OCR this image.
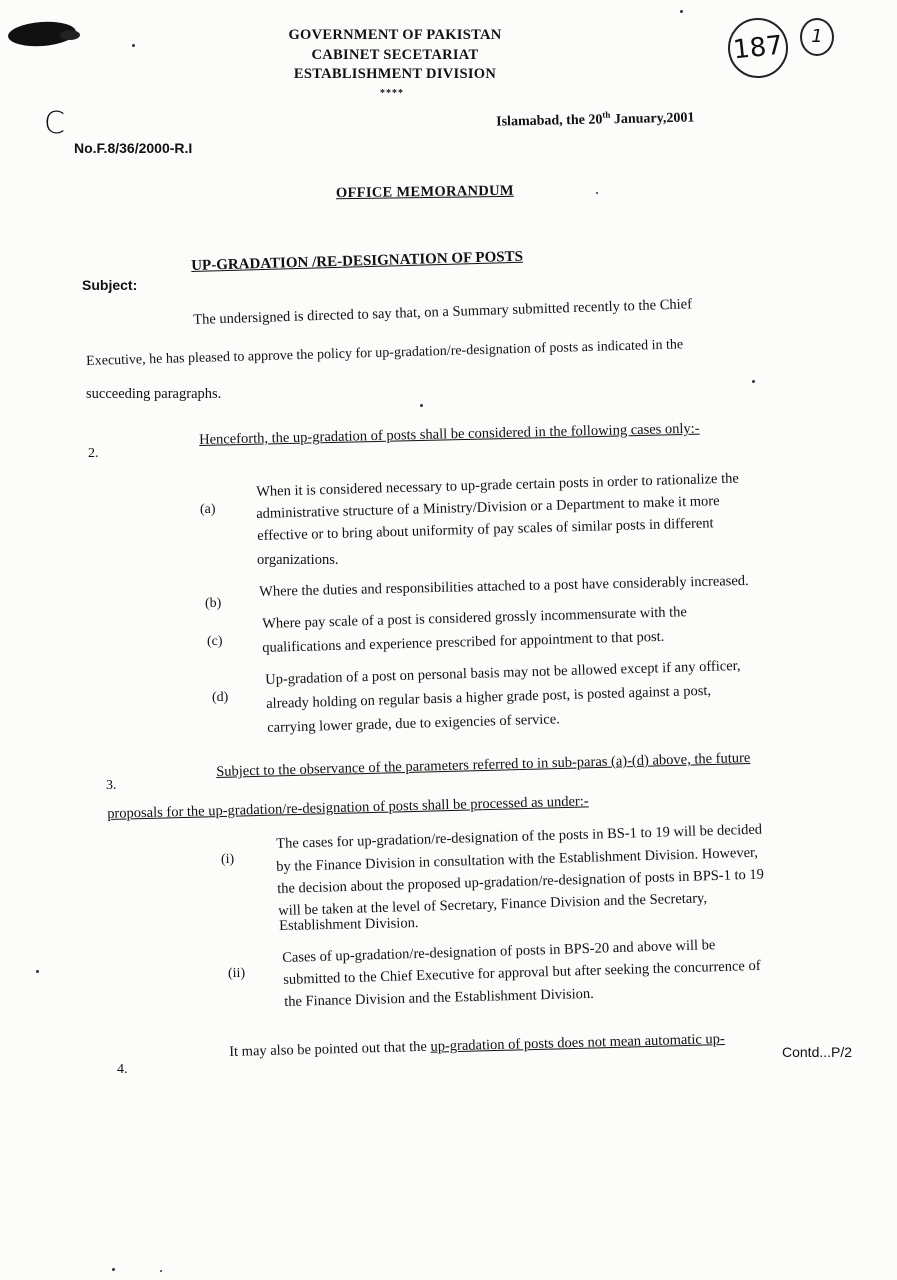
C
187	1
GOVERNMENT OF PAKISTAN
CABINET SECETARIAT
ESTABLISHMENT DIVISION
****
No.F.8/36/2000-R.I
Islamabad, the 20th January,2001
OFFICE MEMORANDUM
Subject:
UP-GRADATION /RE-DESIGNATION OF POSTS
The undersigned is directed to say that, on a Summary submitted recently to the Chief
Executive, he has pleased to approve the policy for up-gradation/re-designation of posts as indicated in the
succeeding paragraphs.
2.
Henceforth, the up-gradation of posts shall be considered in the following cases only:-
(a)
When it is considered necessary to up-grade certain posts in order to rationalize the
administrative structure of a Ministry/Division or a Department to make it more
effective or to bring about uniformity of pay scales of similar posts in different
organizations.
(b)
Where the duties and responsibilities attached to a post have considerably increased.
(c)
Where pay scale of a post is considered grossly incommensurate with the
qualifications and experience prescribed for appointment to that post.
(d)
Up-gradation of a post on personal basis may not be allowed except if any officer,
already holding on regular basis a higher grade post, is posted against a post,
carrying lower grade, due to exigencies of service.
3.
Subject to the observance of the parameters referred to in sub-paras (a)-(d) above, the future
proposals for the up-gradation/re-designation of posts shall be processed as under:-
(i)
The cases for up-gradation/re-designation of the posts in BS-1 to 19 will be decided
by the Finance Division in consultation with the Establishment Division. However,
the decision about the proposed up-gradation/re-designation of posts in BPS-1 to 19
will be taken at the level of Secretary, Finance Division and the Secretary,
Establishment Division.
(ii)
Cases of up-gradation/re-designation of posts in BPS-20 and above will be
submitted to the Chief Executive for approval but after seeking the concurrence of
the Finance Division and the Establishment Division.
4.
It may also be pointed out that the up-gradation of posts does not mean automatic up-	Contd...P/2
